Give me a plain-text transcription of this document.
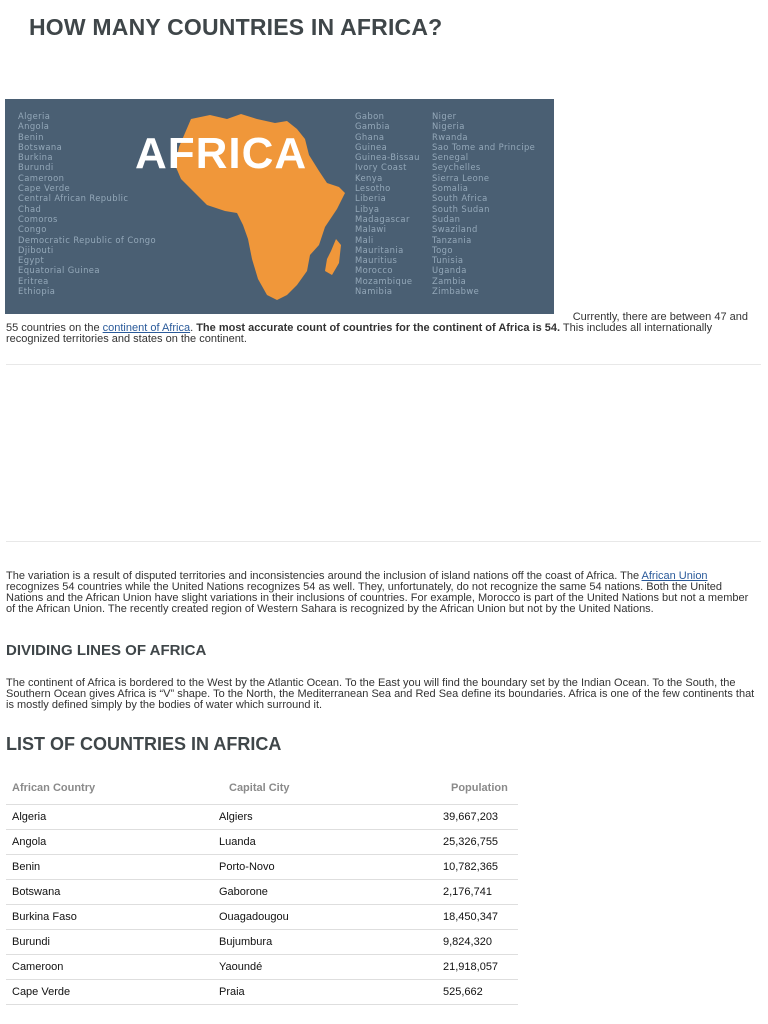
HOW MANY COUNTRIES IN AFRICA?
Algeria
Angola
Benin
Botswana
Burkina
Burundi
Cameroon
Cape Verde
Central African Republic
Chad
Comoros
Congo
Democratic Republic of Congo
Djibouti
Egypt
Equatorial Guinea
Eritrea
Ethiopia
Gabon
Gambia
Ghana
Guinea
Guinea-Bissau
Ivory Coast
Kenya
Lesotho
Liberia
Libya
Madagascar
Malawi
Mali
Mauritania
Mauritius
Morocco
Mozambique
Namibia
Niger
Nigeria
Rwanda
Sao Tome and Principe
Senegal
Seychelles
Sierra Leone
Somalia
South Africa
South Sudan
Sudan
Swaziland
Tanzania
Togo
Tunisia
Uganda
Zambia
Zimbabwe
AFRICA

Currently, there are between 47 and
55 countries on the continent of Africa. The most accurate count of countries for the continent of Africa is 54. This includes all internationally recognized territories and states on the continent.

The variation is a result of disputed territories and inconsistencies around the inclusion of island nations off the coast of Africa. The African Union recognizes 54 countries while the United Nations recognizes 54 as well. They, unfortunately, do not recognize the same 54 nations. Both the United Nations and the African Union have slight variations in their inclusions of countries. For example, Morocco is part of the United Nations but not a member of the African Union. The recently created region of Western Sahara is recognized by the African Union but not by the United Nations.

DIVIDING LINES OF AFRICA

The continent of Africa is bordered to the West by the Atlantic Ocean. To the East you will find the boundary set by the Indian Ocean. To the South, the Southern Ocean gives Africa is “V” shape. To the North, the Mediterranean Sea and Red Sea define its boundaries. Africa is one of the few continents that is mostly defined simply by the bodies of water which surround it.

LIST OF COUNTRIES IN AFRICA
African Country	Capital City	Population
Algeria	Algiers	39,667,203
Angola	Luanda	25,326,755
Benin	Porto-Novo	10,782,365
Botswana	Gaborone	2,176,741
Burkina Faso	Ouagadougou	18,450,347
Burundi	Bujumbura	9,824,320
Cameroon	Yaoundé	21,918,057
Cape Verde	Praia	525,662
